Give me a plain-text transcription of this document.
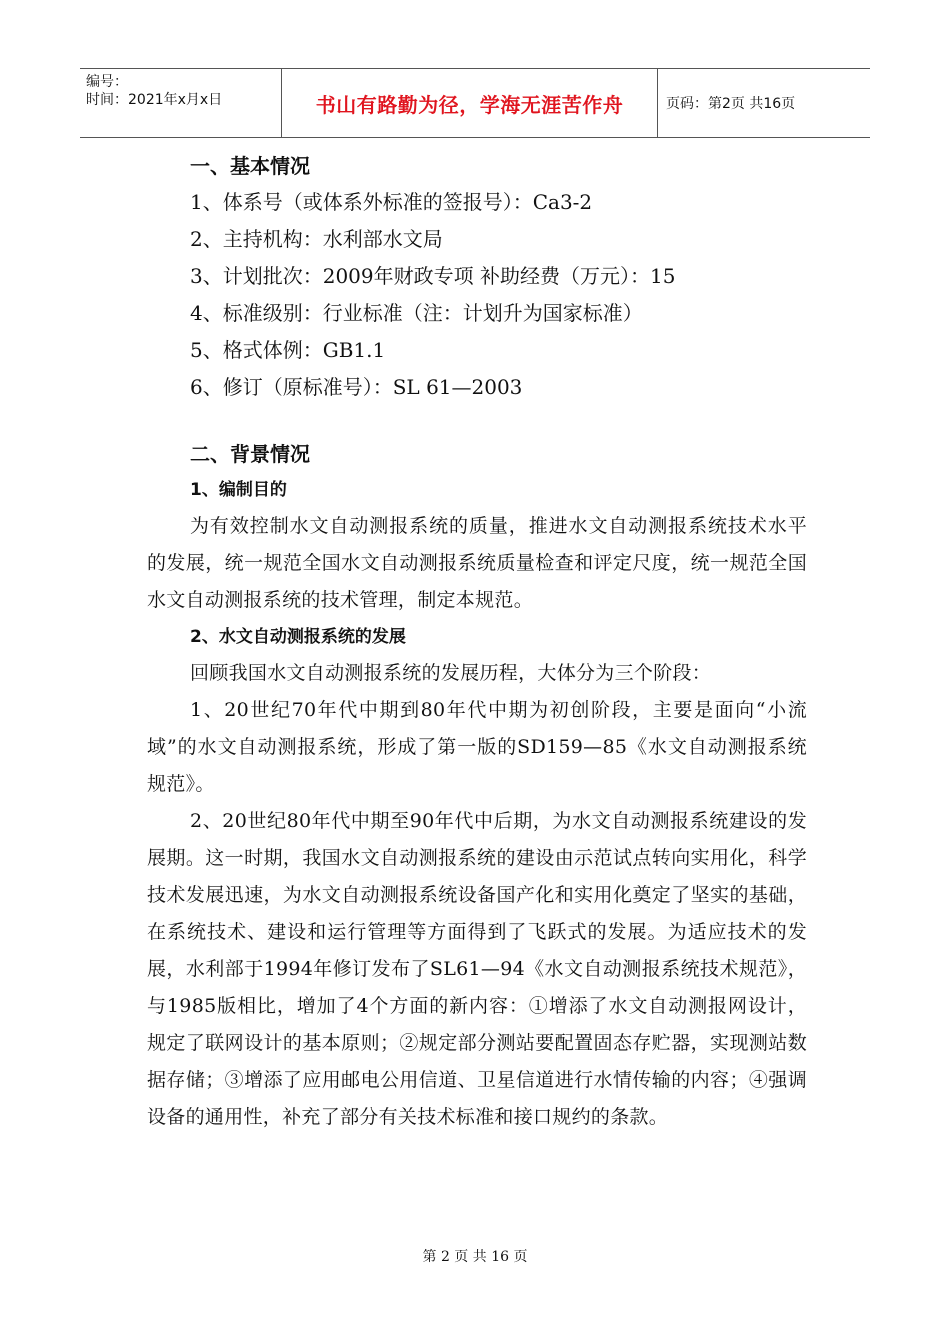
编号：
时间：2021年x月x日	书山有路勤为径，学海无涯苦作舟	页码：第2页 共16页
一、基本情况
1、体系号（或体系外标准的签报号）：Ca3-2
2、主持机构：水利部水文局
3、计划批次：2009年财政专项 补助经费（万元）：15
4、标准级别：行业标准（注：计划升为国家标准）
5、格式体例：GB1.1
6、修订（原标准号）：SL 61—2003
二、背景情况
1、编制目的
为有效控制水文自动测报系统的质量，推进水文自动测报系统技术水平的发展，统一规范全国水文自动测报系统质量检查和评定尺度，统一规范全国水文自动测报系统的技术管理，制定本规范。
2、水文自动测报系统的发展
回顾我国水文自动测报系统的发展历程，大体分为三个阶段：
1、20世纪70年代中期到80年代中期为初创阶段，主要是面向“小流域”的水文自动测报系统，形成了第一版的SD159—85《水文自动测报系统规范》。
2、20世纪80年代中期至90年代中后期，为水文自动测报系统建设的发展期。这一时期，我国水文自动测报系统的建设由示范试点转向实用化，科学技术发展迅速，为水文自动测报系统设备国产化和实用化奠定了坚实的基础，在系统技术、建设和运行管理等方面得到了飞跃式的发展。为适应技术的发展，水利部于1994年修订发布了SL61—94《水文自动测报系统技术规范》，与1985版相比，增加了4个方面的新内容：①增添了水文自动测报网设计，规定了联网设计的基本原则；②规定部分测站要配置固态存贮器，实现测站数据存储；③增添了应用邮电公用信道、卫星信道进行水情传输的内容；④强调设备的通用性，补充了部分有关技术标准和接口规约的条款。
第 2 页 共 16 页
